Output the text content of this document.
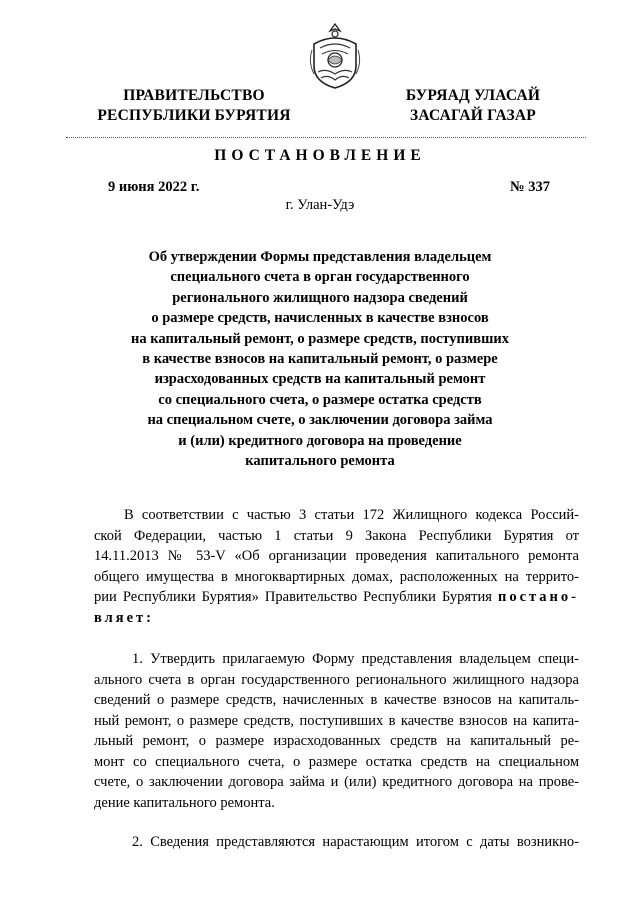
ПРАВИТЕЛЬСТВО
РЕСПУБЛИКИ БУРЯТИЯ
БУРЯАД УЛАСАЙ
ЗАСАГАЙ ГАЗАР
ПОСТАНОВЛЕНИЕ
9 июня 2022 г.	№ 337
г. Улан-Удэ
Об утверждении Формы представления владельцем
специального счета в орган государственного
регионального жилищного надзора сведений
о размере средств, начисленных в качестве взносов
на капитальный ремонт, о размере средств, поступивших
в качестве взносов на капитальный ремонт, о размере
израсходованных средств на капитальный ремонт
со специального счета, о размере остатка средств
на специальном счете, о заключении договора займа
и (или) кредитного договора на проведение
капитального ремонта
В соответствии с частью 3 статьи 172 Жилищного кодекса Россий-
ской Федерации, частью 1 статьи 9 Закона Республики Бурятия от
14.11.2013 № 53-V «Об организации проведения капитального ремонта
общего имущества в многоквартирных домах, расположенных на террито-
рии Республики Бурятия» Правительство Республики Бурятия постано-
вляет:
1. Утвердить прилагаемую Форму представления владельцем специ-
ального счета в орган государственного регионального жилищного надзора
сведений о размере средств, начисленных в качестве взносов на капиталь-
ный ремонт, о размере средств, поступивших в качестве взносов на капита-
льный ремонт, о размере израсходованных средств на капитальный ре-
монт со специального счета, о размере остатка средств на специальном
счете, о заключении договора займа и (или) кредитного договора на прове-
дение капитального ремонта.
2. Сведения представляются нарастающим итогом с даты возникно-
